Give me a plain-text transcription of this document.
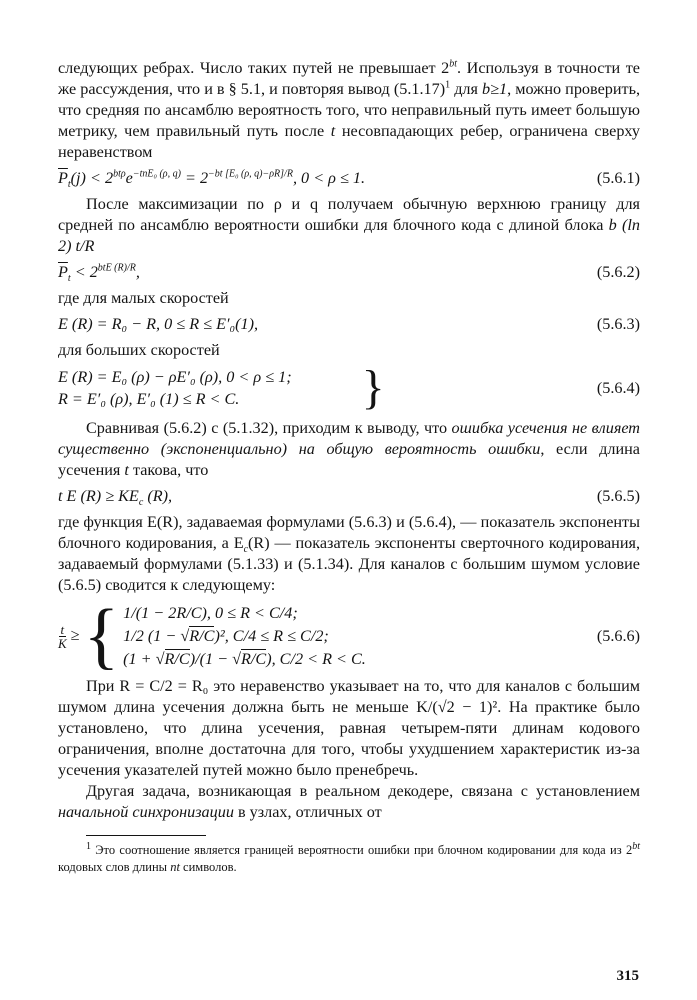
следующих ребрах. Число таких путей не превышает $2^{bt}$. Используя в точности те же рассуждения, что и в § 5.1, и повторяя вывод $(5.1.17)^1$ для b≥1, можно проверить, что средняя по ансамблю вероятность того, что неправильный путь имеет большую метрику, чем правильный путь после t несовпадающих ребер, ограничена сверху неравенством

$\overline{P}_t(j) < 2^{bt\rho}e^{-tnE_0 (\rho, q)} = 2^{-bt [E_0 (\rho, q)-\rho R]/R}$, 0 < ρ ≤ 1.	(5.6.1)

После максимизации по ρ и q получаем обычную верхнюю границу для средней по ансамблю вероятности ошибки для блочного кода с длиной блока b (ln 2) t/R

$\overline{P}_t < 2^{btE (R)/R}$,	(5.6.2)

где для малых скоростей

E (R) = R₀ − R, 0 ≤ R ≤ E′₀(1),	(5.6.3)

для больших скоростей

E (R) = E₀ (ρ) − ρE′₀ (ρ), 0 < ρ ≤ 1;
R = E′₀ (ρ), E′₀ (1) ≤ R < C.	}	(5.6.4)

Сравнивая (5.6.2) с (5.1.32), приходим к выводу, что ошибка усечения не влияет существенно (экспоненциально) на общую вероятность ошибки, если длина усечения t такова, что

t E $(R) \ge KE_c$ (R),	(5.6.5)

где функция E(R), задаваемая формулами (5.6.3) и (5.6.4), — показатель экспоненты блочного кодирования, а $E_c(R)$ — показатель экспоненты сверточного кодирования, задаваемый формулами (5.1.33) и (5.1.34). Для каналов с большим шумом условие (5.6.5) сводится к следующему:

$\frac{t}{K}$ ≥ { 1/(1 − 2R/C), 0 ≤ R < C/4;
1/2 (1 − √R/C)², C/4 ≤ R ≤ C/2;
(1 + √R/C)/(1 − √R/C), C/2 < R < C.
(5.6.6)

При R = C/2 = R₀ это неравенство указывает на то, что для каналов с большим шумом длина усечения должна быть не меньше K/(√2 − 1)². На практике было установлено, что длина усечения, равная четырем-пяти длинам кодового ограничения, вполне достаточна для того, чтобы ухудшением характеристик из-за усечения указателей путей можно было пренебречь.

Другая задача, возникающая в реальном декодере, связана с установлением начальной синхронизации в узлах, отличных от

$^1$ Это соотношение является границей вероятности ошибки при блочном кодировании для кода из $2^{bt}$ кодовых слов длины nt символов.

315
